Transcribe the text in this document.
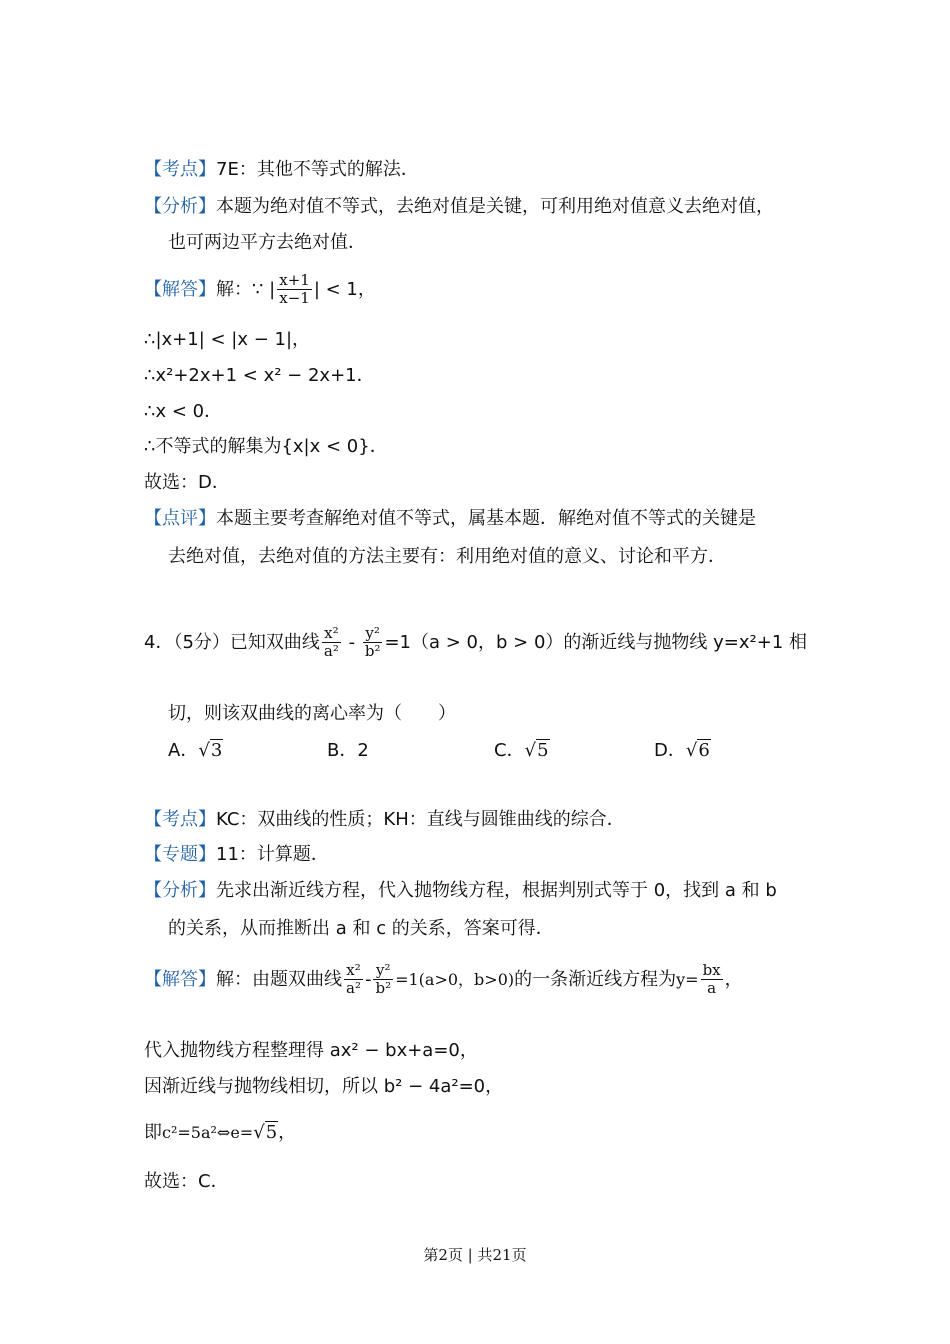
【考点】7E：其他不等式的解法．
【分析】本题为绝对值不等式，去绝对值是关键，可利用绝对值意义去绝对值，
也可两边平方去绝对值．
【解答】解：∵ | $\frac{x+1}{x-1}$ | < 1，
∴|x+1| < |x − 1|，
∴x²+2x+1 < x² − 2x+1．
∴x < 0．
∴不等式的解集为{x|x < 0}．
故选：D．
【点评】本题主要考查解绝对值不等式，属基本题．解绝对值不等式的关键是
去绝对值，去绝对值的方法主要有：利用绝对值的意义、讨论和平方．
4．（5分）已知双曲线 $\frac{\text{x²}}{\text{a²}} - \frac{\text{y²}}{\text{b²}} =1(a > 0$，b > 0）的渐近线与抛物线 y=x²+1 相
切，则该双曲线的离心率为（　　）
A．√3	B．2	C．√5	D．√6
【考点】KC：双曲线的性质；KH：直线与圆锥曲线的综合．
【专题】11：计算题．
【分析】先求出渐近线方程，代入抛物线方程，根据判别式等于 0，找到 a 和 b
的关系，从而推断出 a 和 c 的关系，答案可得．
【解答】解：由题双曲线 $\frac{\text{x²}}{\text{a²}} - \frac{\text{y²}}{\text{b²}} =1(a>0$，b>0)的一条渐近线方程为$y= \frac{bx}{a}$ ，
代入抛物线方程整理得 ax² − bx+a=0，
因渐近线与抛物线相切，所以 b² − 4a²=0，
即c²=5a²⇔e=√5，
故选：C．
第2页 | 共21页
